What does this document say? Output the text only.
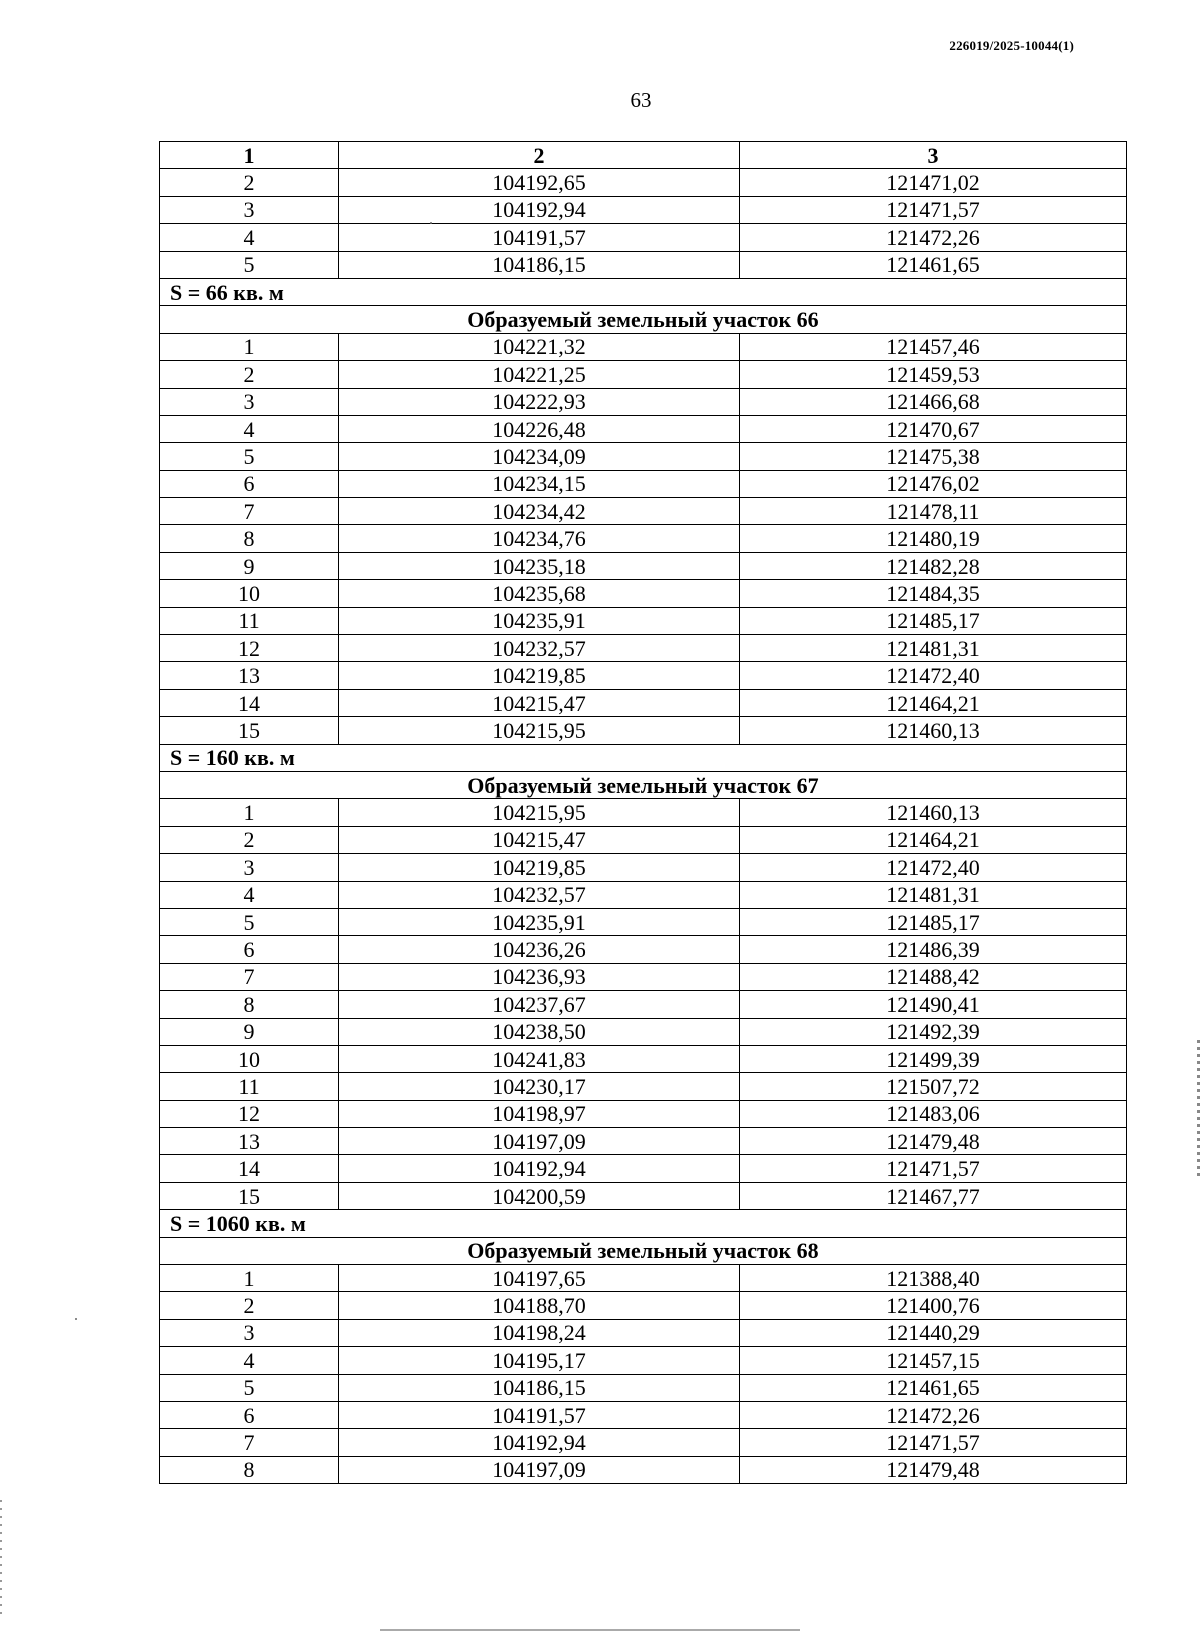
226019/2025-10044(1)
63
1	2	3
2	104192,65	121471,02
3	104192,94	121471,57
4	104191,57	121472,26
5	104186,15	121461,65
S = 66 кв. м		
Образуемый земельный участок 66		
1	104221,32	121457,46
2	104221,25	121459,53
3	104222,93	121466,68
4	104226,48	121470,67
5	104234,09	121475,38
6	104234,15	121476,02
7	104234,42	121478,11
8	104234,76	121480,19
9	104235,18	121482,28
10	104235,68	121484,35
11	104235,91	121485,17
12	104232,57	121481,31
13	104219,85	121472,40
14	104215,47	121464,21
15	104215,95	121460,13
S = 160 кв. м		
Образуемый земельный участок 67		
1	104215,95	121460,13
2	104215,47	121464,21
3	104219,85	121472,40
4	104232,57	121481,31
5	104235,91	121485,17
6	104236,26	121486,39
7	104236,93	121488,42
8	104237,67	121490,41
9	104238,50	121492,39
10	104241,83	121499,39
11	104230,17	121507,72
12	104198,97	121483,06
13	104197,09	121479,48
14	104192,94	121471,57
15	104200,59	121467,77
S = 1060 кв. м		
Образуемый земельный участок 68		
1	104197,65	121388,40
2	104188,70	121400,76
3	104198,24	121440,29
4	104195,17	121457,15
5	104186,15	121461,65
6	104191,57	121472,26
7	104192,94	121471,57
8	104197,09	121479,48
